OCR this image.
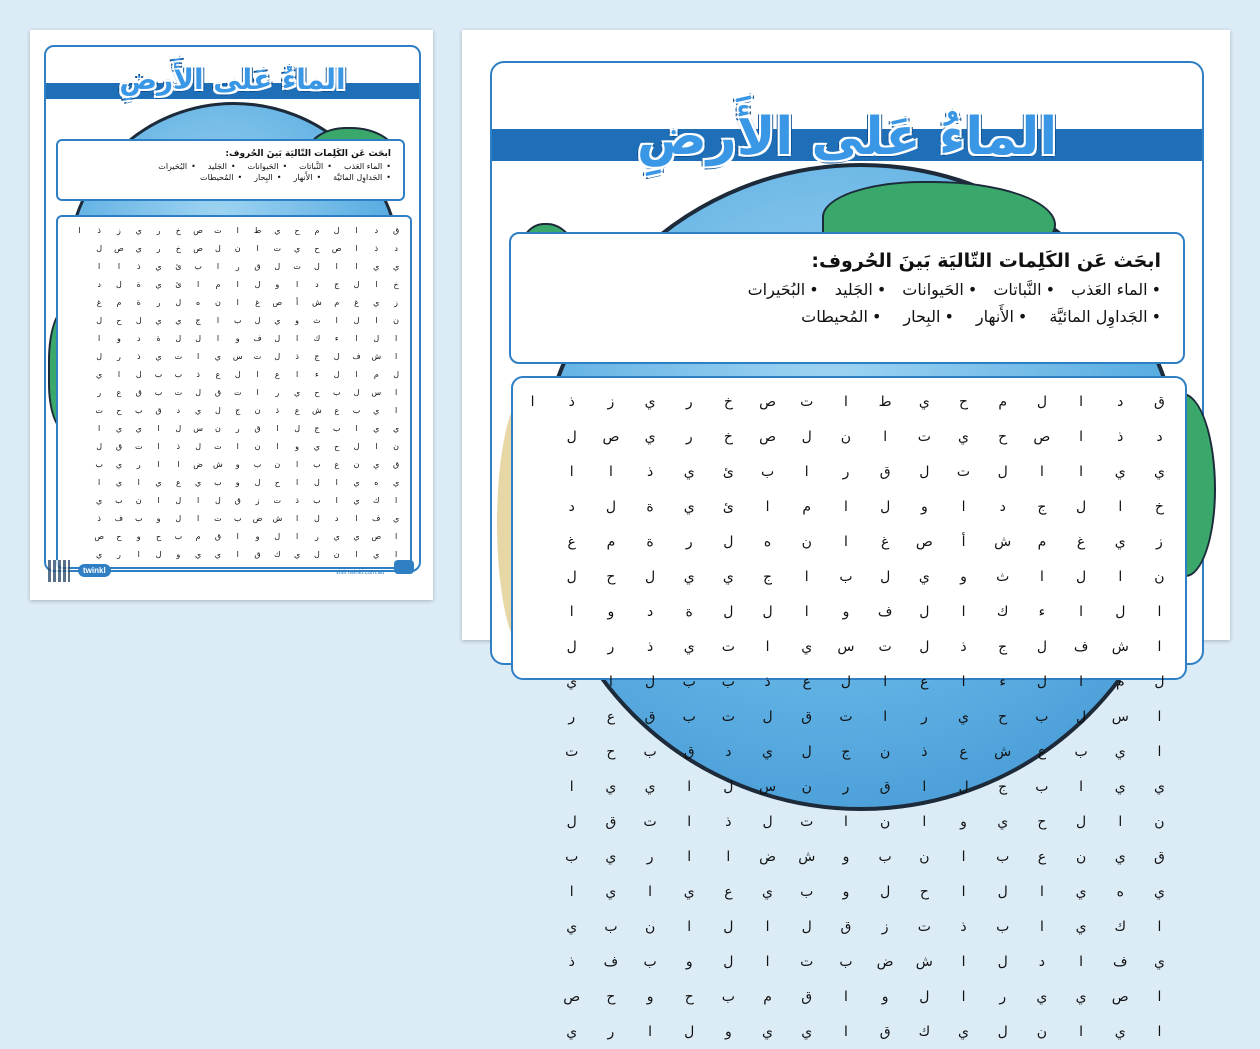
الماءُ عَلى الأَرضِ
ابحَث عَن الكَلِمات التّاليَة بَينَ الحُروف:
• الماء العَذب
• النَّباتات
• الحَيوانات
• الجَليد
• البُحَيرات
• الجَداوِل المائيَّة
• الأَنهار
• البِحار
• المُحيطات
ق	د	ا	ل	م	ح	ي	ط	ا	ت	ص	خ	ر	ي	ز	ذ	ا
د	ذ	ا	ص	ح	ي	ت	ا	ن	ل	ص	خ	ر	ي	ص	ل	
ي	ي	ا	ا	ل	ت	ل	ق	ر	ا	ب	ئ	ي	ذ	ا	ا	
خ	ا	ل	ج	د	ا	و	ل	ا	م	ا	ئ	ي	ة	ل	د	
ز	ي	غ	م	ش	أ	ص	غ	ا	ن	ه	ل	ر	ة	م	غ	
ن	ا	ل	ا	ث	و	ي	ل	ب	ا	ج	ي	ي	ل	ح	ل	
ا	ل	ا	ء	ك	ا	ل	ف	و	ا	ل	ل	ة	د	و	ا	
ا	ش	ف	ل	ج	ذ	ل	ت	س	ي	ا	ت	ي	ذ	ر	ل	
ل	م	ا	ل	ء	ا	ع	ا	ل	ع	ذ	ب	ب	ل	ا	ي	
ا	س	ل	ب	ح	ي	ر	ا	ت	ق	ل	ت	ب	ق	ع	ر	
ا	ي	ب	ع	ش	ع	ذ	ن	ج	ل	ي	د	ق	ب	ح	ت	
ي	ي	ا	ب	ج	ل	ا	ق	ر	ن	س	ل	ا	ي	ي	ا	
ن	ا	ل	ح	ي	و	ا	ن	ا	ت	ل	ذ	ا	ت	ق	ل	
ق	ي	ن	ع	ب	ا	ن	ب	و	ش	ض	ا	ا	ر	ي	ب	
ي	ه	ي	ا	ل	ا	ح	ل	و	ب	ي	ع	ي	ا	ي	ا	
ا	ك	ي	ا	ب	ذ	ت	ز	ق	ل	ا	ل	ا	ن	ب	ي	
ي	ف	ا	د	ل	ا	ش	ض	ب	ت	ا	ل	و	ب	ف	ذ	
ا	ص	ي	ي	ر	ا	ل	و	ا	ق	م	ب	ح	و	ح	ص	
ا	ي	ا	ن	ل	ي	ك	ق	ا	ي	ي	و	ل	ا	ر	ي	
twinkl	visit twinkl.com.au
الماءُ عَلى الأَرضِ
ابحَث عَن الكَلِمات التّاليَة بَينَ الحُروف:
• الماء العَذب
• النَّباتات
• الحَيوانات
• الجَليد
• البُحَيرات
• الجَداوِل المائيَّة
• الأَنهار
• البِحار
• المُحيطات
ق	د	ا	ل	م	ح	ي	ط	ا	ت	ص	خ	ر	ي	ز	ذ	ا
د	ذ	ا	ص	ح	ي	ت	ا	ن	ل	ص	خ	ر	ي	ص	ل	
ي	ي	ا	ا	ل	ت	ل	ق	ر	ا	ب	ئ	ي	ذ	ا	ا	
خ	ا	ل	ج	د	ا	و	ل	ا	م	ا	ئ	ي	ة	ل	د	
ز	ي	غ	م	ش	أ	ص	غ	ا	ن	ه	ل	ر	ة	م	غ	
ن	ا	ل	ا	ث	و	ي	ل	ب	ا	ج	ي	ي	ل	ح	ل	
ا	ل	ا	ء	ك	ا	ل	ف	و	ا	ل	ل	ة	د	و	ا	
ا	ش	ف	ل	ج	ذ	ل	ت	س	ي	ا	ت	ي	ذ	ر	ل	
ل	م	ا	ل	ء	ا	ع	ا	ل	ع	ذ	ب	ب	ل	ا	ي	
ا	س	ل	ب	ح	ي	ر	ا	ت	ق	ل	ت	ب	ق	ع	ر	
ا	ي	ب	ع	ش	ع	ذ	ن	ج	ل	ي	د	ق	ب	ح	ت	
ي	ي	ا	ب	ج	ل	ا	ق	ر	ن	س	ل	ا	ي	ي	ا	
ن	ا	ل	ح	ي	و	ا	ن	ا	ت	ل	ذ	ا	ت	ق	ل	
ق	ي	ن	ع	ب	ا	ن	ب	و	ش	ض	ا	ا	ر	ي	ب	
ي	ه	ي	ا	ل	ا	ح	ل	و	ب	ي	ع	ي	ا	ي	ا	
ا	ك	ي	ا	ب	ذ	ت	ز	ق	ل	ا	ل	ا	ن	ب	ي	
ي	ف	ا	د	ل	ا	ش	ض	ب	ت	ا	ل	و	ب	ف	ذ	
ا	ص	ي	ي	ر	ا	ل	و	ا	ق	م	ب	ح	و	ح	ص	
ا	ي	ا	ن	ل	ي	ك	ق	ا	ي	ي	و	ل	ا	ر	ي	
